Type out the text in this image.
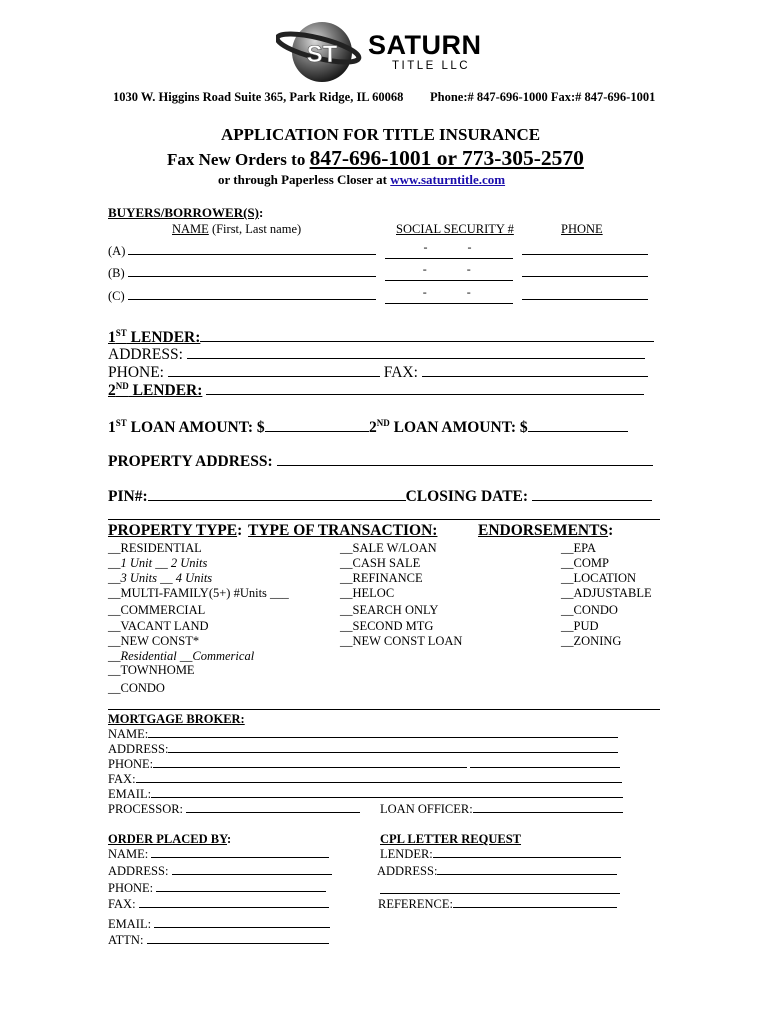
ST SATURN
TITLE LLC
1030 W. Higgins Road Suite 365, Park Ridge, IL 60068 Phone:# 847-696-1000 Fax:# 847-696-1001
APPLICATION FOR TITLE INSURANCE
Fax New Orders to 847-696-1001 or 773-305-2570
or through Paperless Closer at www.saturntitle.com
BUYERS/BORROWER(S):
NAME (First, Last name)	SOCIAL SECURITY #	PHONE
(A)	-	-
(B)	-	-
(C)	-	-
1ST LENDER:
ADDRESS:
PHONE:	FAX:
2ND LENDER:
1ST LOAN AMOUNT: $	2ND LOAN AMOUNT: $
PROPERTY ADDRESS:
PIN#:	CLOSING DATE:
PROPERTY TYPE: TYPE OF TRANSACTION:	ENDORSEMENTS:
__RESIDENTIAL
__1 Unit __ 2 Units
__3 Units __ 4 Units
__MULTI-FAMILY(5+) #Units ___
__COMMERCIAL
__VACANT LAND
__NEW CONST*
__Residential __Commerical
__TOWNHOME
__CONDO
__SALE W/LOAN
__CASH SALE
__REFINANCE
__HELOC
__SEARCH ONLY
__SECOND MTG
__NEW CONST LOAN
__EPA
__COMP
__LOCATION
__ADJUSTABLE
__CONDO
__PUD
__ZONING
MORTGAGE BROKER:
NAME:
ADDRESS:
PHONE:
FAX:
EMAIL:
PROCESSOR:	LOAN OFFICER:
ORDER PLACED BY:
NAME:
ADDRESS:
PHONE:
FAX:
EMAIL:
ATTN:
CPL LETTER REQUEST
LENDER:
ADDRESS:
REFERENCE:
